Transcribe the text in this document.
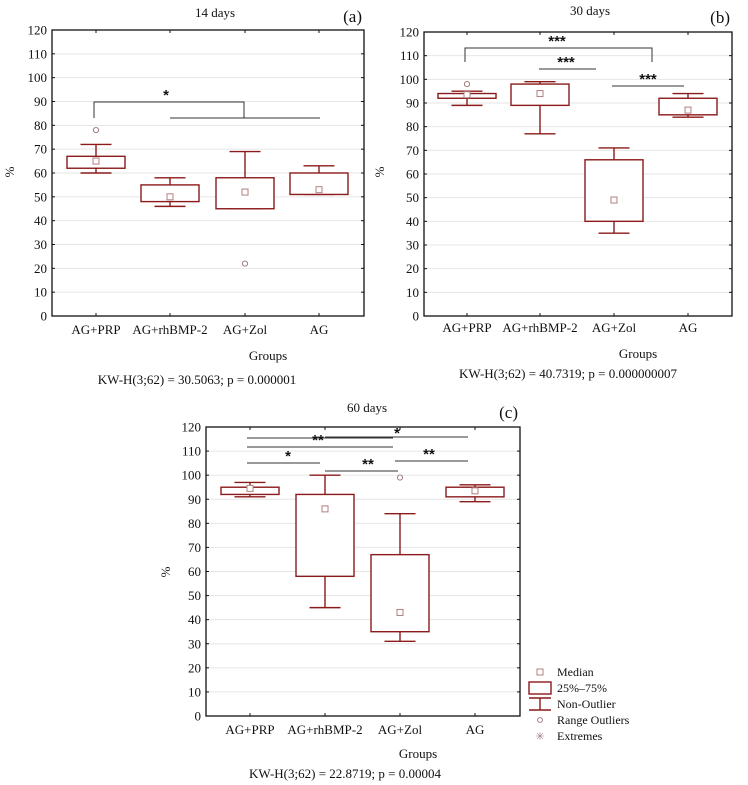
0
10
20
30
40
50
60
70
80
90
100
110
120
AG+PRP AG+rhBMP-2 AG+Zol	AG
*
14 days	(a)
Groups
KW-H(3;62) = 30.5063; p = 0.000001
%
0
10
20
30
40
50
60
70
80
90
100
110
120
AG+PRP AG+rhBMP-2 AG+Zol	AG
***
***
***
30 days	(b)
Groups
KW-H(3;62) = 40.7319; p = 0.000000007
%
0
10
20
30
40
50
60
70
80
90
100
110
120
AG+PRP AG+rhBMP-2 AG+Zol	AG
*
**
*	**
**
60 days	(c)
Groups
KW-H(3;62) = 22.8719; p = 0.00004
%
Median
25%–75%
Non-Outlier
Range Outliers
✳ Extremes
